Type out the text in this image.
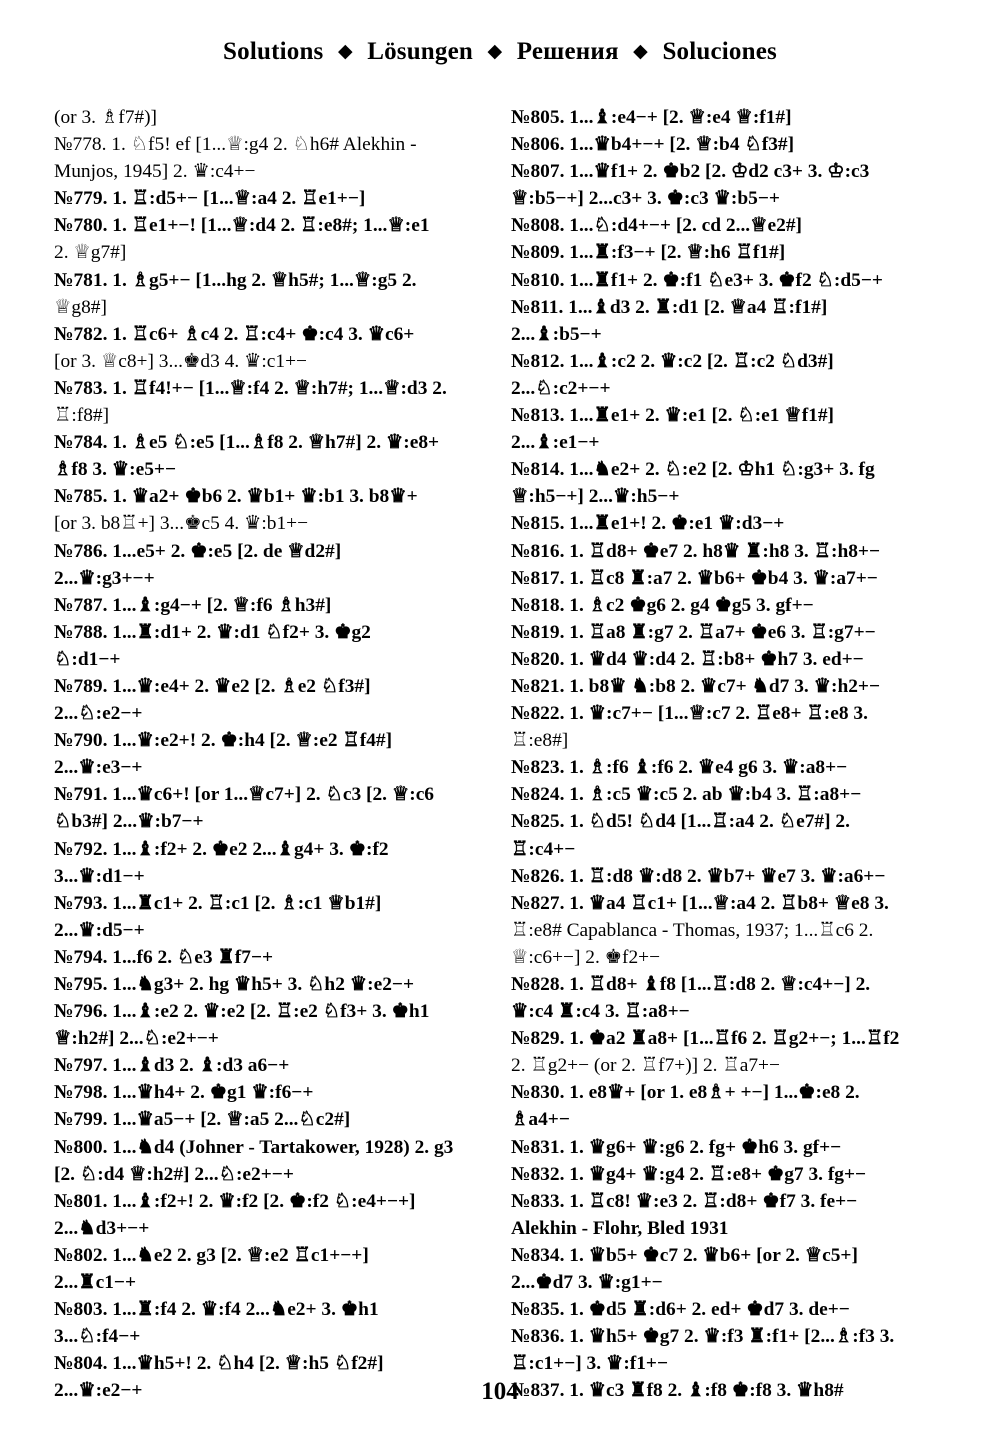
Solutions ◆ Lösungen ◆ Решения ◆ Soluciones
(or 3. ♗f7#)]
№778. 1. ♘f5! ef [1...♕:g4 2. ♘h6# Alekhin -
Munjos, 1945] 2. ♛:c4+−
№779. 1. ♖:d5+− [1...♕:a4 2. ♖e1+−]
№780. 1. ♖e1+−! [1...♕:d4 2. ♖:e8#; 1...♕:e1
2. ♕g7#]
№781. 1. ♗g5+− [1...hg 2. ♕h5#; 1...♕:g5 2.
♕g8#]
№782. 1. ♖c6+ ♗c4 2. ♖:c4+ ♚:c4 3. ♛c6+
[or 3. ♕c8+] 3...♚d3 4. ♛:c1+−
№783. 1. ♖f4!+− [1...♕:f4 2. ♕:h7#; 1...♕:d3 2.
♖:f8#]
№784. 1. ♗e5 ♘:e5 [1...♗f8 2. ♕h7#] 2. ♛:e8+
♗f8 3. ♛:e5+−
№785. 1. ♛a2+ ♚b6 2. ♛b1+ ♛:b1 3. b8♛+
[or 3. b8♖+] 3...♚c5 4. ♛:b1+−
№786. 1...e5+ 2. ♚:e5 [2. de ♕d2#]
2...♛:g3+−+
№787. 1...♝:g4−+ [2. ♕:f6 ♗h3#]
№788. 1...♜:d1+ 2. ♛:d1 ♘f2+ 3. ♚g2
♘:d1−+
№789. 1...♛:e4+ 2. ♛e2 [2. ♗e2 ♘f3#]
2...♘:e2−+
№790. 1...♛:e2+! 2. ♚:h4 [2. ♕:e2 ♖f4#]
2...♛:e3−+
№791. 1...♛c6+! [or 1...♕c7+] 2. ♘c3 [2. ♕:c6
♘b3#] 2...♛:b7−+
№792. 1...♝:f2+ 2. ♚e2 2...♝g4+ 3. ♚:f2
3...♛:d1−+
№793. 1...♜c1+ 2. ♖:c1 [2. ♗:c1 ♕b1#]
2...♛:d5−+
№794. 1...f6 2. ♘e3 ♜f7−+
№795. 1...♞g3+ 2. hg ♛h5+ 3. ♘h2 ♛:e2−+
№796. 1...♝:e2 2. ♛:e2 [2. ♖:e2 ♘f3+ 3. ♚h1
♕:h2#] 2...♘:e2+−+
№797. 1...♝d3 2. ♝:d3 a6−+
№798. 1...♛h4+ 2. ♚g1 ♛:f6−+
№799. 1...♛a5−+ [2. ♕:a5 2...♘c2#]
№800. 1...♞d4 (Johner - Tartakower, 1928) 2. g3
[2. ♘:d4 ♕:h2#] 2...♘:e2+−+
№801. 1...♝:f2+! 2. ♛:f2 [2. ♚:f2 ♘:e4+−+]
2...♞d3+−+
№802. 1...♞e2 2. g3 [2. ♕:e2 ♖c1+−+]
2...♜c1−+
№803. 1...♜:f4 2. ♛:f4 2...♞e2+ 3. ♚h1
3...♘:f4−+
№804. 1...♛h5+! 2. ♘h4 [2. ♕:h5 ♘f2#]
2...♛:e2−+
№805. 1...♝:e4−+ [2. ♕:e4 ♕:f1#]
№806. 1...♛b4+−+ [2. ♕:b4 ♘f3#]
№807. 1...♛f1+ 2. ♚b2 [2. ♔d2 c3+ 3. ♔:c3
♕:b5−+] 2...c3+ 3. ♚:c3 ♛:b5−+
№808. 1...♘:d4+−+ [2. cd 2...♕e2#]
№809. 1...♜:f3−+ [2. ♕:h6 ♖f1#]
№810. 1...♜f1+ 2. ♚:f1 ♘e3+ 3. ♚f2 ♘:d5−+
№811. 1...♝d3 2. ♜:d1 [2. ♕a4 ♖:f1#]
2...♝:b5−+
№812. 1...♝:c2 2. ♛:c2 [2. ♖:c2 ♘d3#]
2...♘:c2+−+
№813. 1...♜e1+ 2. ♛:e1 [2. ♘:e1 ♕f1#]
2...♝:e1−+
№814. 1...♞e2+ 2. ♘:e2 [2. ♔h1 ♘:g3+ 3. fg
♕:h5−+] 2...♛:h5−+
№815. 1...♜e1+! 2. ♚:e1 ♛:d3−+
№816. 1. ♖d8+ ♚e7 2. h8♛ ♜:h8 3. ♖:h8+−
№817. 1. ♖c8 ♜:a7 2. ♛b6+ ♚b4 3. ♛:a7+−
№818. 1. ♗c2 ♚g6 2. g4 ♚g5 3. gf+−
№819. 1. ♖a8 ♜:g7 2. ♖a7+ ♚e6 3. ♖:g7+−
№820. 1. ♛d4 ♛:d4 2. ♖:b8+ ♚h7 3. ed+−
№821. 1. b8♛ ♞:b8 2. ♛c7+ ♞d7 3. ♛:h2+−
№822. 1. ♛:c7+− [1...♕:c7 2. ♖e8+ ♖:e8 3.
♖:e8#]
№823. 1. ♗:f6 ♝:f6 2. ♛e4 g6 3. ♛:a8+−
№824. 1. ♗:c5 ♛:c5 2. ab ♛:b4 3. ♖:a8+−
№825. 1. ♘d5! ♘d4 [1...♖:a4 2. ♘e7#] 2.
♖:c4+−
№826. 1. ♖:d8 ♛:d8 2. ♛b7+ ♛e7 3. ♛:a6+−
№827. 1. ♛a4 ♖c1+ [1...♕:a4 2. ♖b8+ ♕e8 3.
♖:e8# Capablanca - Thomas, 1937; 1...♖c6 2.
♕:c6+−] 2. ♚f2+−
№828. 1. ♖d8+ ♝f8 [1...♖:d8 2. ♕:c4+−] 2.
♛:c4 ♜:c4 3. ♖:a8+−
№829. 1. ♚a2 ♜a8+ [1...♖f6 2. ♖g2+−; 1...♖f2
2. ♖g2+− (or 2. ♖f7+)] 2. ♖a7+−
№830. 1. e8♛+ [or 1. e8♗+ +−] 1...♚:e8 2.
♗a4+−
№831. 1. ♛g6+ ♛:g6 2. fg+ ♚h6 3. gf+−
№832. 1. ♛g4+ ♛:g4 2. ♖:e8+ ♚g7 3. fg+−
№833. 1. ♖c8! ♛:e3 2. ♖:d8+ ♚f7 3. fe+−
Alekhin - Flohr, Bled 1931
№834. 1. ♛b5+ ♚c7 2. ♛b6+ [or 2. ♕c5+]
2...♚d7 3. ♛:g1+−
№835. 1. ♚d5 ♜:d6+ 2. ed+ ♚d7 3. de+−
№836. 1. ♛h5+ ♚g7 2. ♛:f3 ♜:f1+ [2...♗:f3 3.
♖:c1+−] 3. ♛:f1+−
№837. 1. ♛c3 ♜f8 2. ♝:f8 ♚:f8 3. ♛h8#
104
